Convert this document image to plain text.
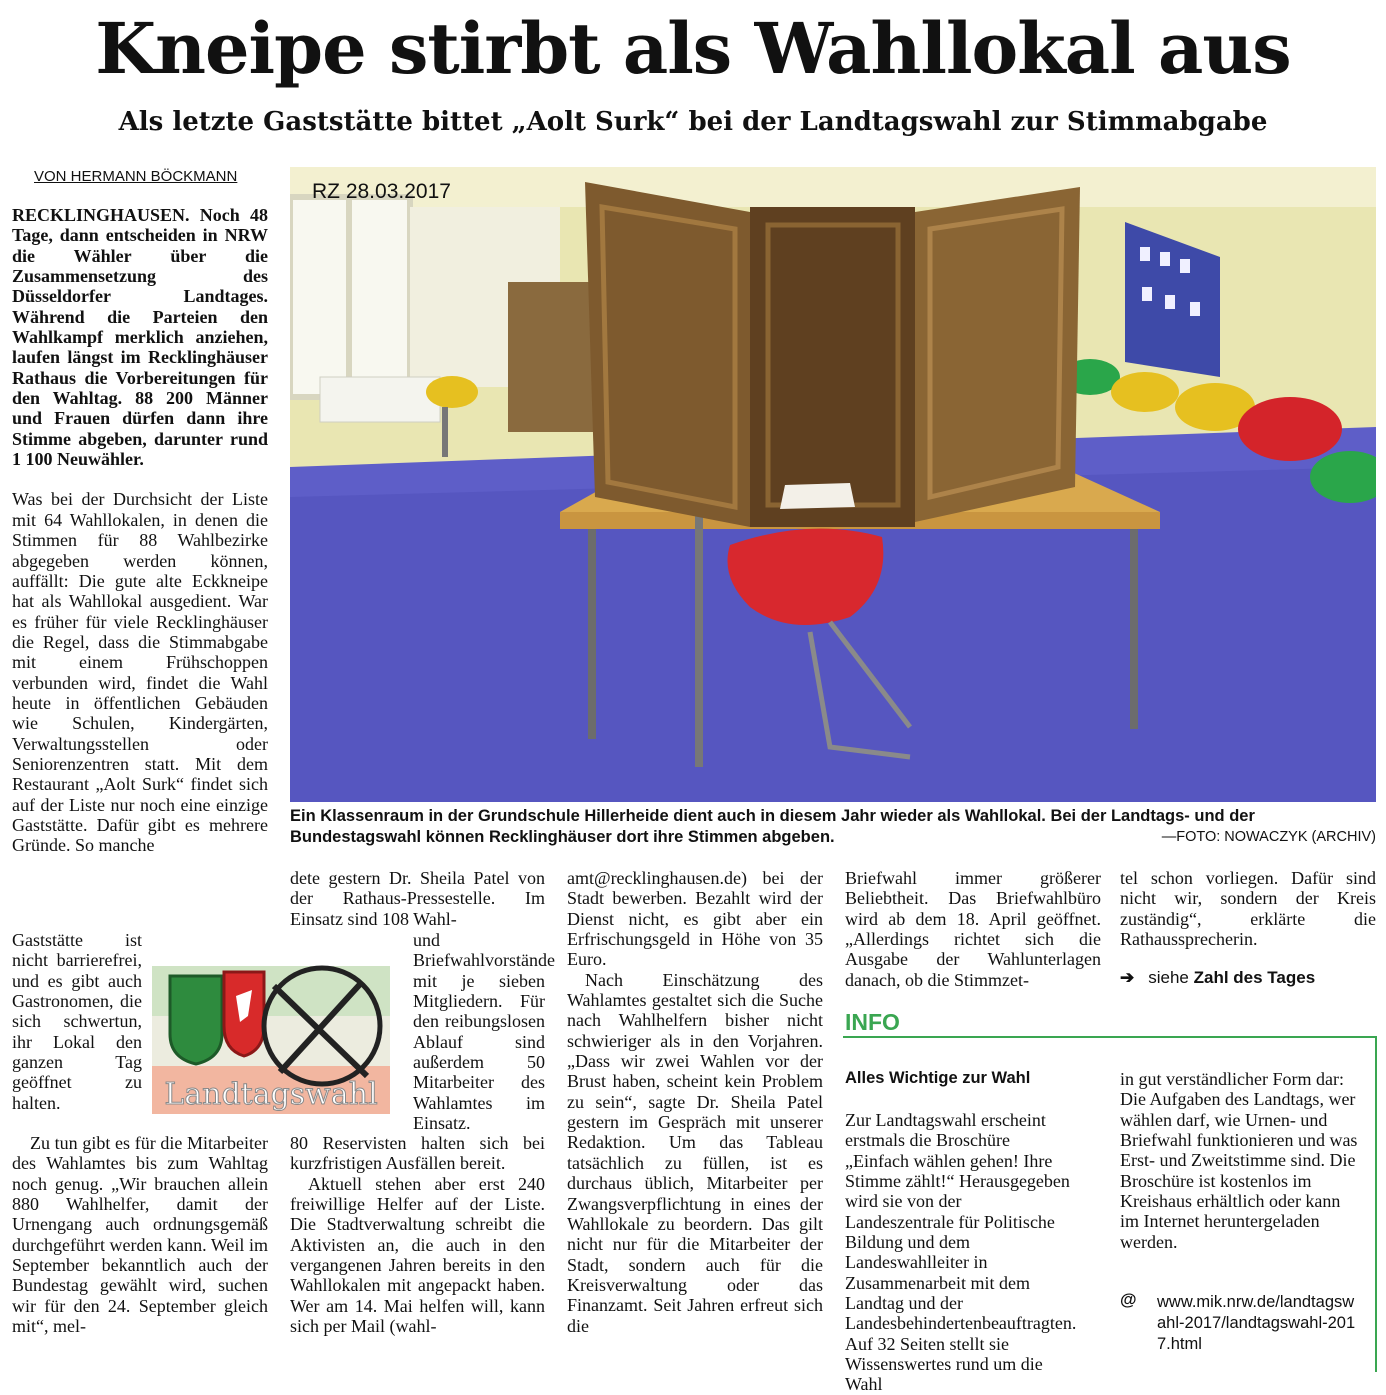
Kneipe stirbt als Wahllokal aus
Als letzte Gaststätte bittet „Aolt Surk“ bei der Landtagswahl zur Stimmabgabe
VON HERMANN BÖCKMANN
RZ 28.03.2017
Ein Klassenraum in der Grundschule Hillerheide dient auch in diesem Jahr wieder als Wahllokal. Bei der Landtags- und der Bundestagswahl können Recklinghäuser dort ihre Stimmen abgeben.	—FOTO: NOWACZYK (ARCHIV)

RECKLINGHAUSEN. Noch 48 Tage, dann entscheiden in NRW die Wähler über die Zusammensetzung des Düsseldorfer Landtages. Während die Parteien den Wahlkampf merklich anziehen, laufen längst im Recklinghäuser Rathaus die Vorbereitungen für den Wahltag. 88 200 Männer und Frauen dürfen dann ihre Stimme abgeben, darunter rund 1 100 Neuwähler.

Was bei der Durchsicht der Liste mit 64 Wahllokalen, in denen die Stimmen für 88 Wahlbezirke abgegeben werden können, auffällt: Die gute alte Eckkneipe hat als Wahllokal ausgedient. War es früher für viele Recklinghäuser die Regel, dass die Stimmabgabe mit einem Frühschoppen verbunden wird, findet die Wahl heute in öffentlichen Gebäuden wie Schulen, Kindergärten, Verwaltungsstellen oder Seniorenzentren statt. Mit dem Restaurant „Aolt Surk“ findet sich auf der Liste nur noch eine einzige Gaststätte. Dafür gibt es mehrere Gründe. So manche

Gaststätte ist nicht barrierefrei, und es gibt auch Gastronomen, die sich schwertun, ihr Lokal den ganzen Tag geöffnet zu halten.

Zu tun gibt es für die Mitarbeiter des Wahlamtes bis zum Wahltag noch genug. „Wir brauchen allein 880 Wahlhelfer, damit der Urnengang auch ordnungsgemäß durchgeführt werden kann. Weil im September bekanntlich auch der Bundestag gewählt wird, suchen wir für den 24. September gleich mit“, mel-

Landtagswahl

dete gestern Dr. Sheila Patel von der Rathaus-Pressestelle. Im Einsatz sind 108 Wahl-

und Briefwahlvorstände mit je sieben Mitgliedern. Für den reibungslosen Ablauf sind außerdem 50 Mitarbeiter des Wahlamtes im Einsatz.

80 Reservisten halten sich bei kurzfristigen Ausfällen bereit.

Aktuell stehen aber erst 240 freiwillige Helfer auf der Liste. Die Stadtverwaltung schreibt die Aktivisten an, die auch in den vergangenen Jahren bereits in den Wahllokalen mit angepackt haben. Wer am 14. Mai helfen will, kann sich per Mail (wahl-

amt@recklinghausen.de) bei der Stadt bewerben. Bezahlt wird der Dienst nicht, es gibt aber ein Erfrischungsgeld in Höhe von 35 Euro.

Nach Einschätzung des Wahlamtes gestaltet sich die Suche nach Wahlhelfern bisher nicht schwieriger als in den Vorjahren. „Dass wir zwei Wahlen vor der Brust haben, scheint kein Problem zu sein“, sagte Dr. Sheila Patel gestern im Gespräch mit unserer Redaktion. Um das Tableau tatsächlich zu füllen, ist es durchaus üblich, Mitarbeiter per Zwangsverpflichtung in eines der Wahllokale zu beordern. Das gilt nicht nur für die Mitarbeiter der Stadt, sondern auch für die Kreisverwaltung oder das Finanzamt. Seit Jahren erfreut sich die

Briefwahl immer größerer Beliebtheit. Das Briefwahlbüro wird ab dem 18. April geöffnet. „Allerdings richtet sich die Ausgabe der Wahlunterlagen danach, ob die Stimmzet-

tel schon vorliegen. Dafür sind nicht wir, sondern der Kreis zuständig“, erklärte die Rathaussprecherin.

➔ siehe Zahl des Tages
INFO
Alles Wichtige zur Wahl

Zur Landtagswahl erscheint erstmals die Broschüre „Einfach wählen gehen! Ihre Stimme zählt!“ Herausgegeben wird sie von der Landeszentrale für Politische Bildung und dem Landeswahlleiter in Zusammenarbeit mit dem Landtag und der Landesbehindertenbeauftragten. Auf 32 Seiten stellt sie Wissenswertes rund um die Wahl

in gut verständlicher Form dar: Die Aufgaben des Landtags, wer wählen darf, wie Urnen- und Briefwahl funktionieren und was Erst- und Zweitstimme sind. Die Broschüre ist kostenlos im Kreishaus erhältlich oder kann im Internet heruntergeladen werden.

@ www.mik.nrw.de/landtagswahl-2017/landtagswahl-2017.html
